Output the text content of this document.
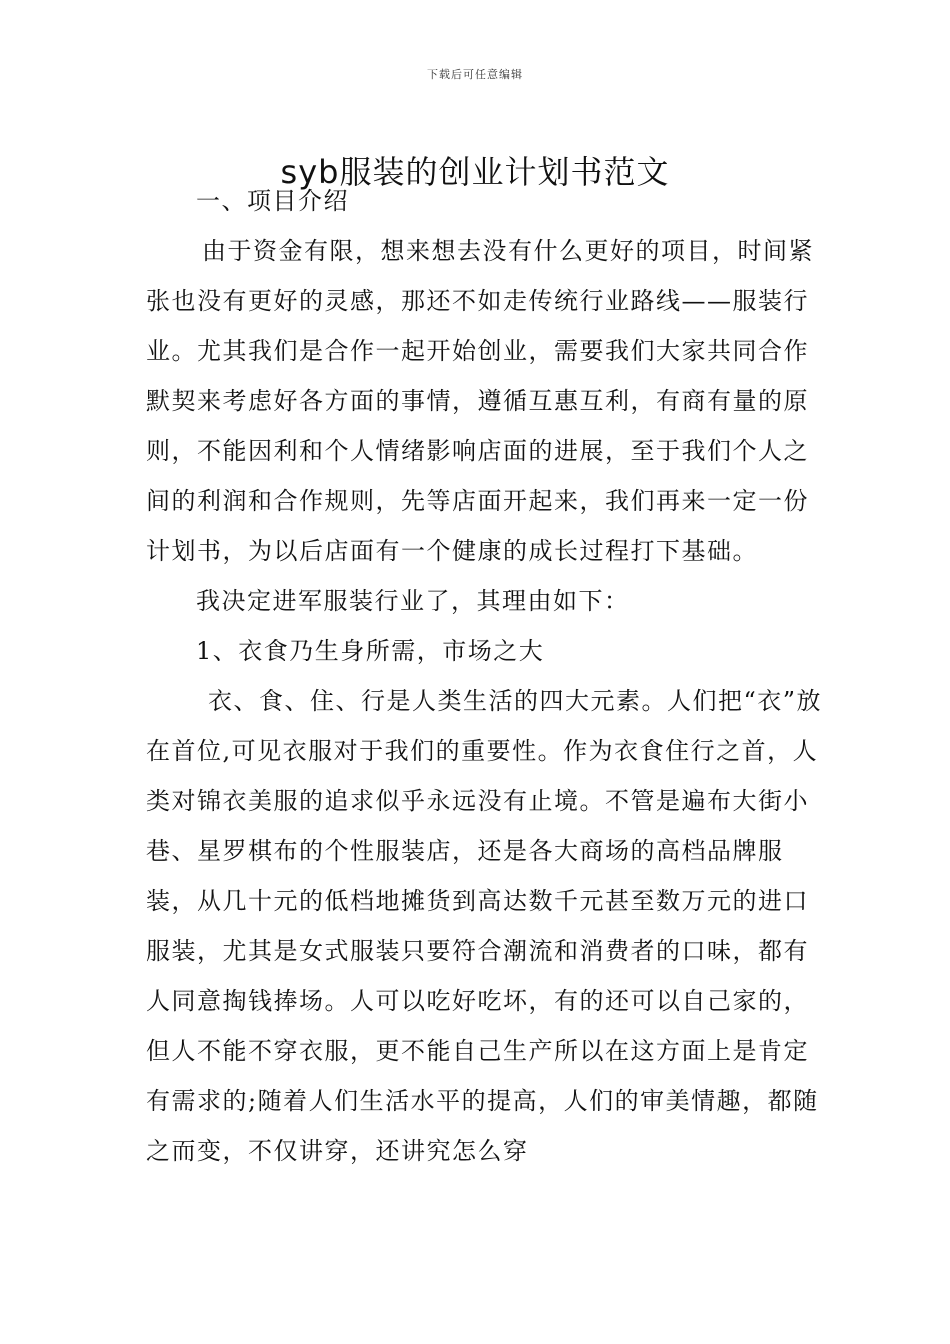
下载后可任意编辑
syb服装的创业计划书范文

一、项目介绍

由于资金有限，想来想去没有什么更好的项目，时间紧张也没有更好的灵感，那还不如走传统行业路线——服装行业。尤其我们是合作一起开始创业，需要我们大家共同合作默契来考虑好各方面的事情，遵循互惠互利，有商有量的原则，不能因利和个人情绪影响店面的进展，至于我们个人之间的利润和合作规则，先等店面开起来，我们再来一定一份计划书，为以后店面有一个健康的成长过程打下基础。

我决定进军服装行业了，其理由如下：

1、衣食乃生身所需，市场之大

衣、食、住、行是人类生活的四大元素。人们把“衣”放在首位,可见衣服对于我们的重要性。作为衣食住行之首，人类对锦衣美服的追求似乎永远没有止境。不管是遍布大街小巷、星罗棋布的个性服装店，还是各大商场的高档品牌服装，从几十元的低档地摊货到高达数千元甚至数万元的进口服装，尤其是女式服装只要符合潮流和消费者的口味，都有人同意掏钱捧场。人可以吃好吃坏，有的还可以自己家的，但人不能不穿衣服，更不能自己生产所以在这方面上是肯定有需求的;随着人们生活水平的提高，人们的审美情趣，都随之而变，不仅讲穿，还讲究怎么穿
